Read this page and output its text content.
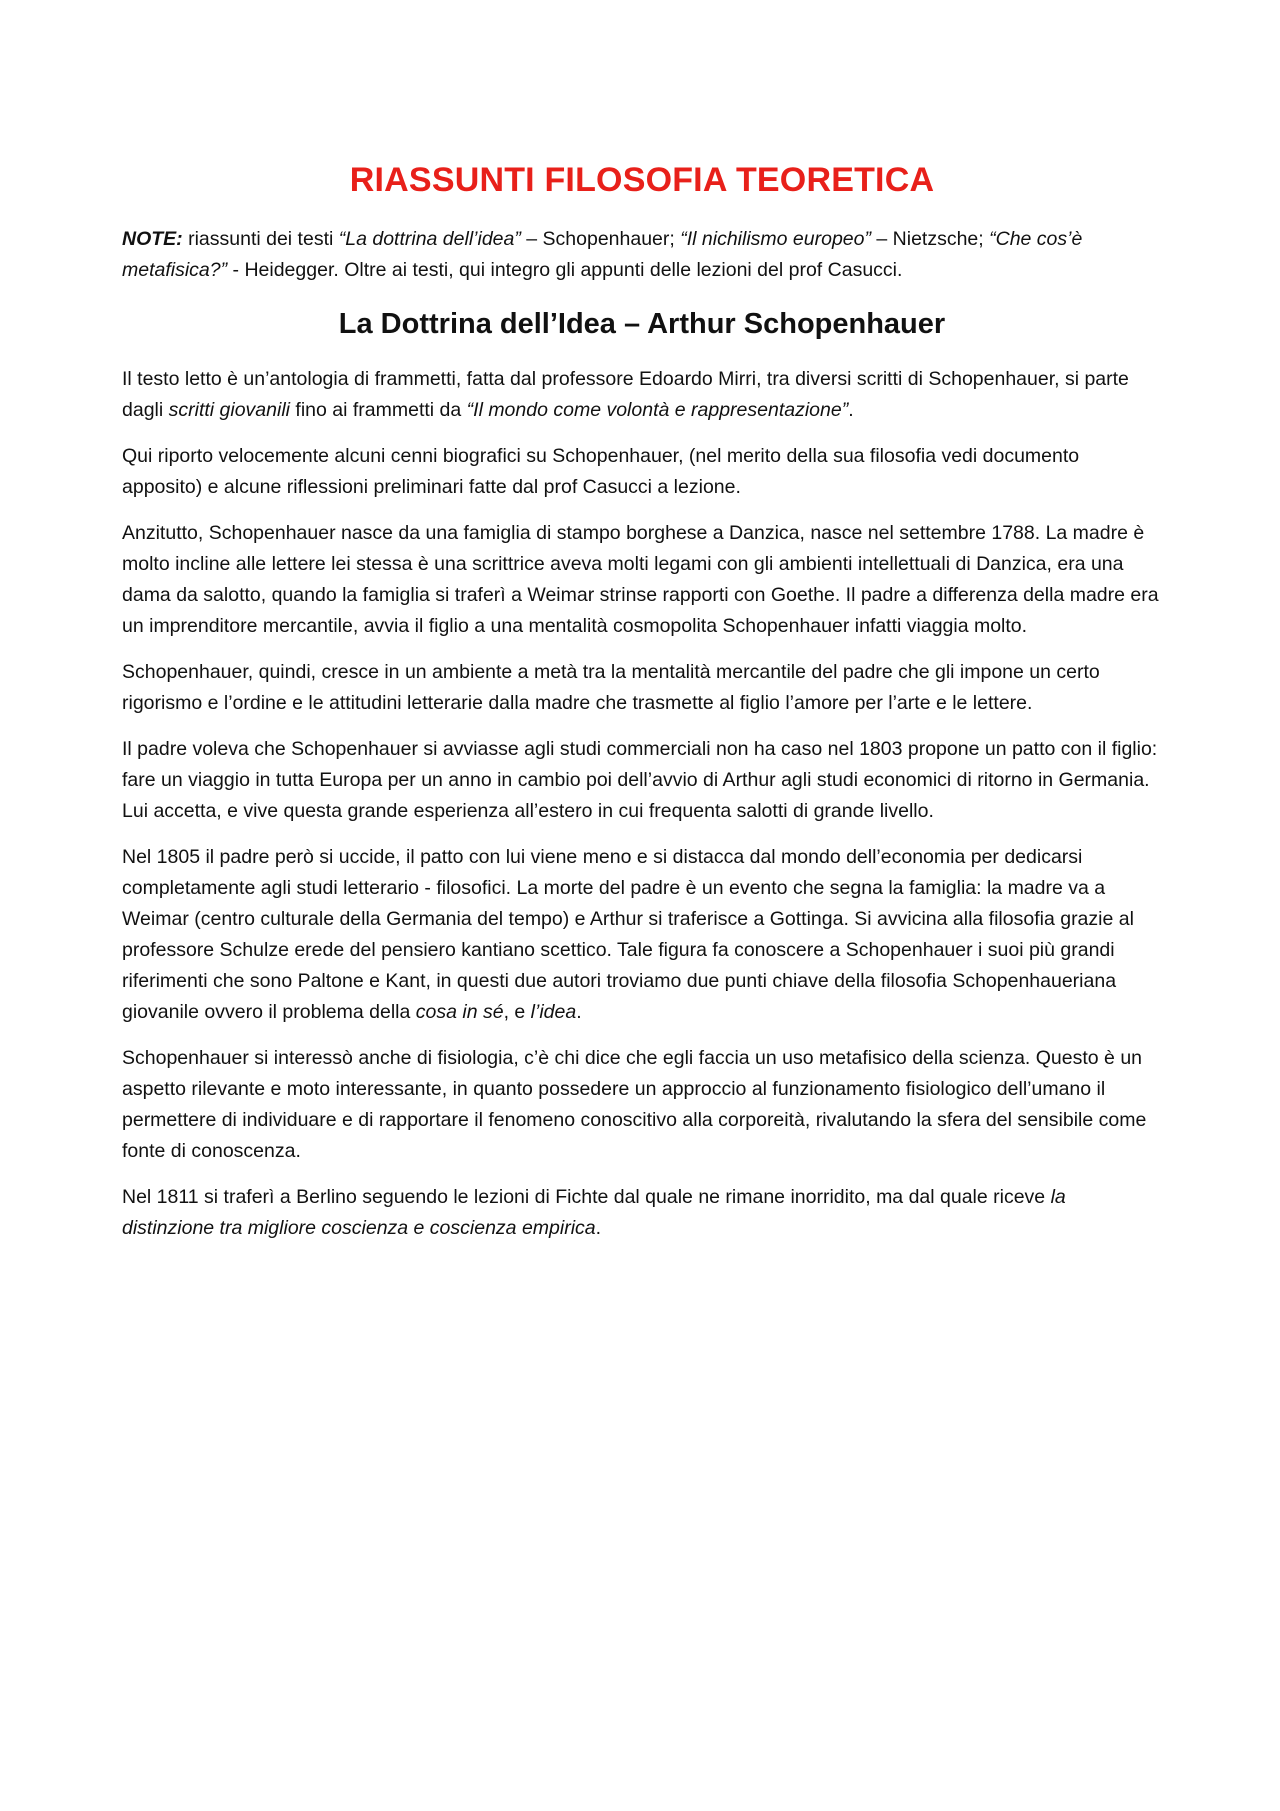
RIASSUNTI FILOSOFIA TEORETICA

NOTE: riassunti dei testi “La dottrina dell’idea” – Schopenhauer; “Il nichilismo europeo” – Nietzsche; “Che cos’è metafisica?” - Heidegger. Oltre ai testi, qui integro gli appunti delle lezioni del prof Casucci.

La Dottrina dell’Idea – Arthur Schopenhauer

Il testo letto è un’antologia di frammetti, fatta dal professore Edoardo Mirri, tra diversi scritti di Schopenhauer, si parte dagli scritti giovanili fino ai frammetti da “Il mondo come volontà e rappresentazione”.

Qui riporto velocemente alcuni cenni biografici su Schopenhauer, (nel merito della sua filosofia vedi documento apposito) e alcune riflessioni preliminari fatte dal prof Casucci a lezione.

Anzitutto, Schopenhauer nasce da una famiglia di stampo borghese a Danzica, nasce nel settembre 1788. La madre è molto incline alle lettere lei stessa è una scrittrice aveva molti legami con gli ambienti intellettuali di Danzica, era una dama da salotto, quando la famiglia si traferì a Weimar strinse rapporti con Goethe. Il padre a differenza della madre era un imprenditore mercantile, avvia il figlio a una mentalità cosmopolita Schopenhauer infatti viaggia molto.

Schopenhauer, quindi, cresce in un ambiente a metà tra la mentalità mercantile del padre che gli impone un certo rigorismo e l’ordine e le attitudini letterarie dalla madre che trasmette al figlio l’amore per l’arte e le lettere.

Il padre voleva che Schopenhauer si avviasse agli studi commerciali non ha caso nel 1803 propone un patto con il figlio: fare un viaggio in tutta Europa per un anno in cambio poi dell’avvio di Arthur agli studi economici di ritorno in Germania. Lui accetta, e vive questa grande esperienza all’estero in cui frequenta salotti di grande livello.

Nel 1805 il padre però si uccide, il patto con lui viene meno e si distacca dal mondo dell’economia per dedicarsi completamente agli studi letterario - filosofici. La morte del padre è un evento che segna la famiglia: la madre va a Weimar (centro culturale della Germania del tempo) e Arthur si traferisce a Gottinga. Si avvicina alla filosofia grazie al professore Schulze erede del pensiero kantiano scettico. Tale figura fa conoscere a Schopenhauer i suoi più grandi riferimenti che sono Paltone e Kant, in questi due autori troviamo due punti chiave della filosofia Schopenhaueriana giovanile ovvero il problema della cosa in sé, e l’idea.

Schopenhauer si interessò anche di fisiologia, c’è chi dice che egli faccia un uso metafisico della scienza. Questo è un aspetto rilevante e moto interessante, in quanto possedere un approccio al funzionamento fisiologico dell’umano il permettere di individuare e di rapportare il fenomeno conoscitivo alla corporeità, rivalutando la sfera del sensibile come fonte di conoscenza.

Nel 1811 si traferì a Berlino seguendo le lezioni di Fichte dal quale ne rimane inorridito, ma dal quale riceve la distinzione tra migliore coscienza e coscienza empirica.
